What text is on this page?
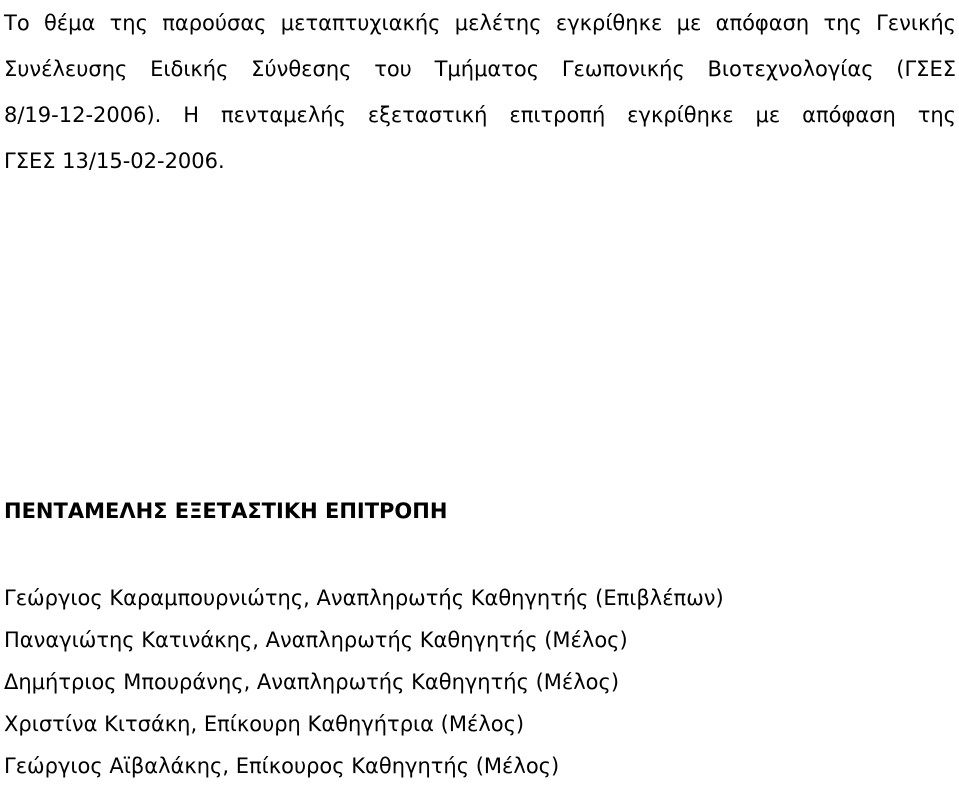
Το θέμα της παρούσας μεταπτυχιακής μελέτης εγκρίθηκε με απόφαση της Γενικής
Συνέλευσης Ειδικής Σύνθεσης του Τμήματος Γεωπονικής Βιοτεχνολογίας (ΓΣΕΣ
8/19-12-2006). Η πενταμελής εξεταστική επιτροπή εγκρίθηκε με απόφαση της
ΓΣΕΣ 13/15-02-2006.

ΠΕΝΤΑΜΕΛΗΣ ΕΞΕΤΑΣΤΙΚΗ ΕΠΙΤΡΟΠΗ
Γεώργιος Καραμπουρνιώτης, Αναπληρωτής Καθηγητής (Επιβλέπων)
Παναγιώτης Κατινάκης, Αναπληρωτής Καθηγητής (Μέλος)
Δημήτριος Μπουράνης, Αναπληρωτής Καθηγητής (Μέλος)
Χριστίνα Κιτσάκη, Επίκουρη Καθηγήτρια (Μέλος)
Γεώργιος Αϊβαλάκης, Επίκουρος Καθηγητής (Μέλος)
